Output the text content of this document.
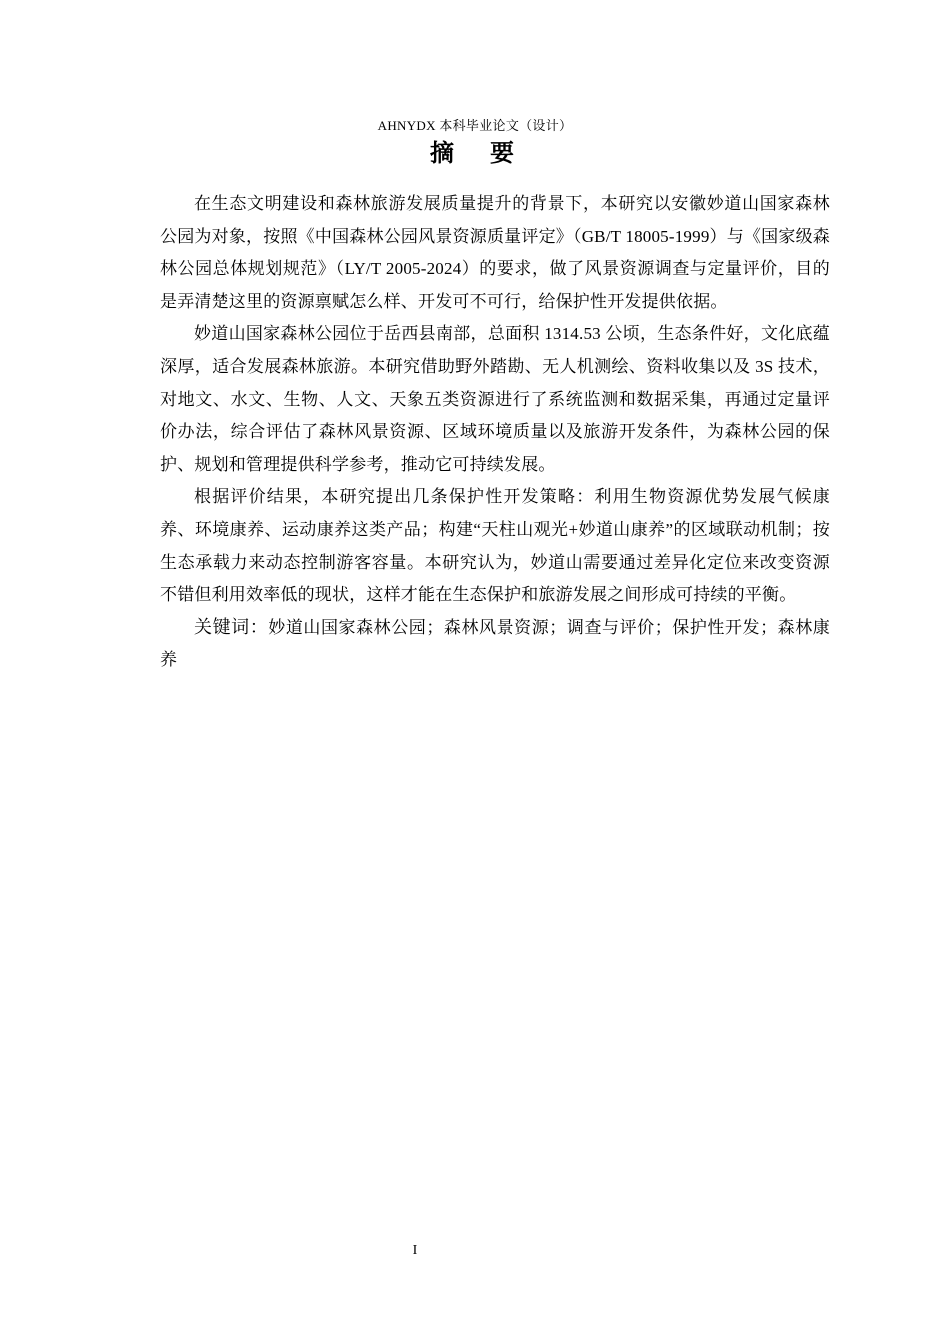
AHNYDX 本科毕业论文（设计）
摘　要

在生态文明建设和森林旅游发展质量提升的背景下，本研究以安徽妙道山国家森林公园为对象，按照《中国森林公园风景资源质量评定》（GB/T 18005-1999）与《国家级森林公园总体规划规范》（LY/T 2005-2024）的要求，做了风景资源调查与定量评价，目的是弄清楚这里的资源禀赋怎么样、开发可不可行，给保护性开发提供依据。

妙道山国家森林公园位于岳西县南部，总面积 1314.53 公顷，生态条件好，文化底蕴深厚，适合发展森林旅游。本研究借助野外踏勘、无人机测绘、资料收集以及 3S 技术，对地文、水文、生物、人文、天象五类资源进行了系统监测和数据采集，再通过定量评价办法，综合评估了森林风景资源、区域环境质量以及旅游开发条件，为森林公园的保护、规划和管理提供科学参考，推动它可持续发展。

根据评价结果，本研究提出几条保护性开发策略：利用生物资源优势发展气候康养、环境康养、运动康养这类产品；构建“天柱山观光+妙道山康养”的区域联动机制；按生态承载力来动态控制游客容量。本研究认为，妙道山需要通过差异化定位来改变资源不错但利用效率低的现状，这样才能在生态保护和旅游发展之间形成可持续的平衡。

关键词：妙道山国家森林公园；森林风景资源；调查与评价；保护性开发；森林康养

I
